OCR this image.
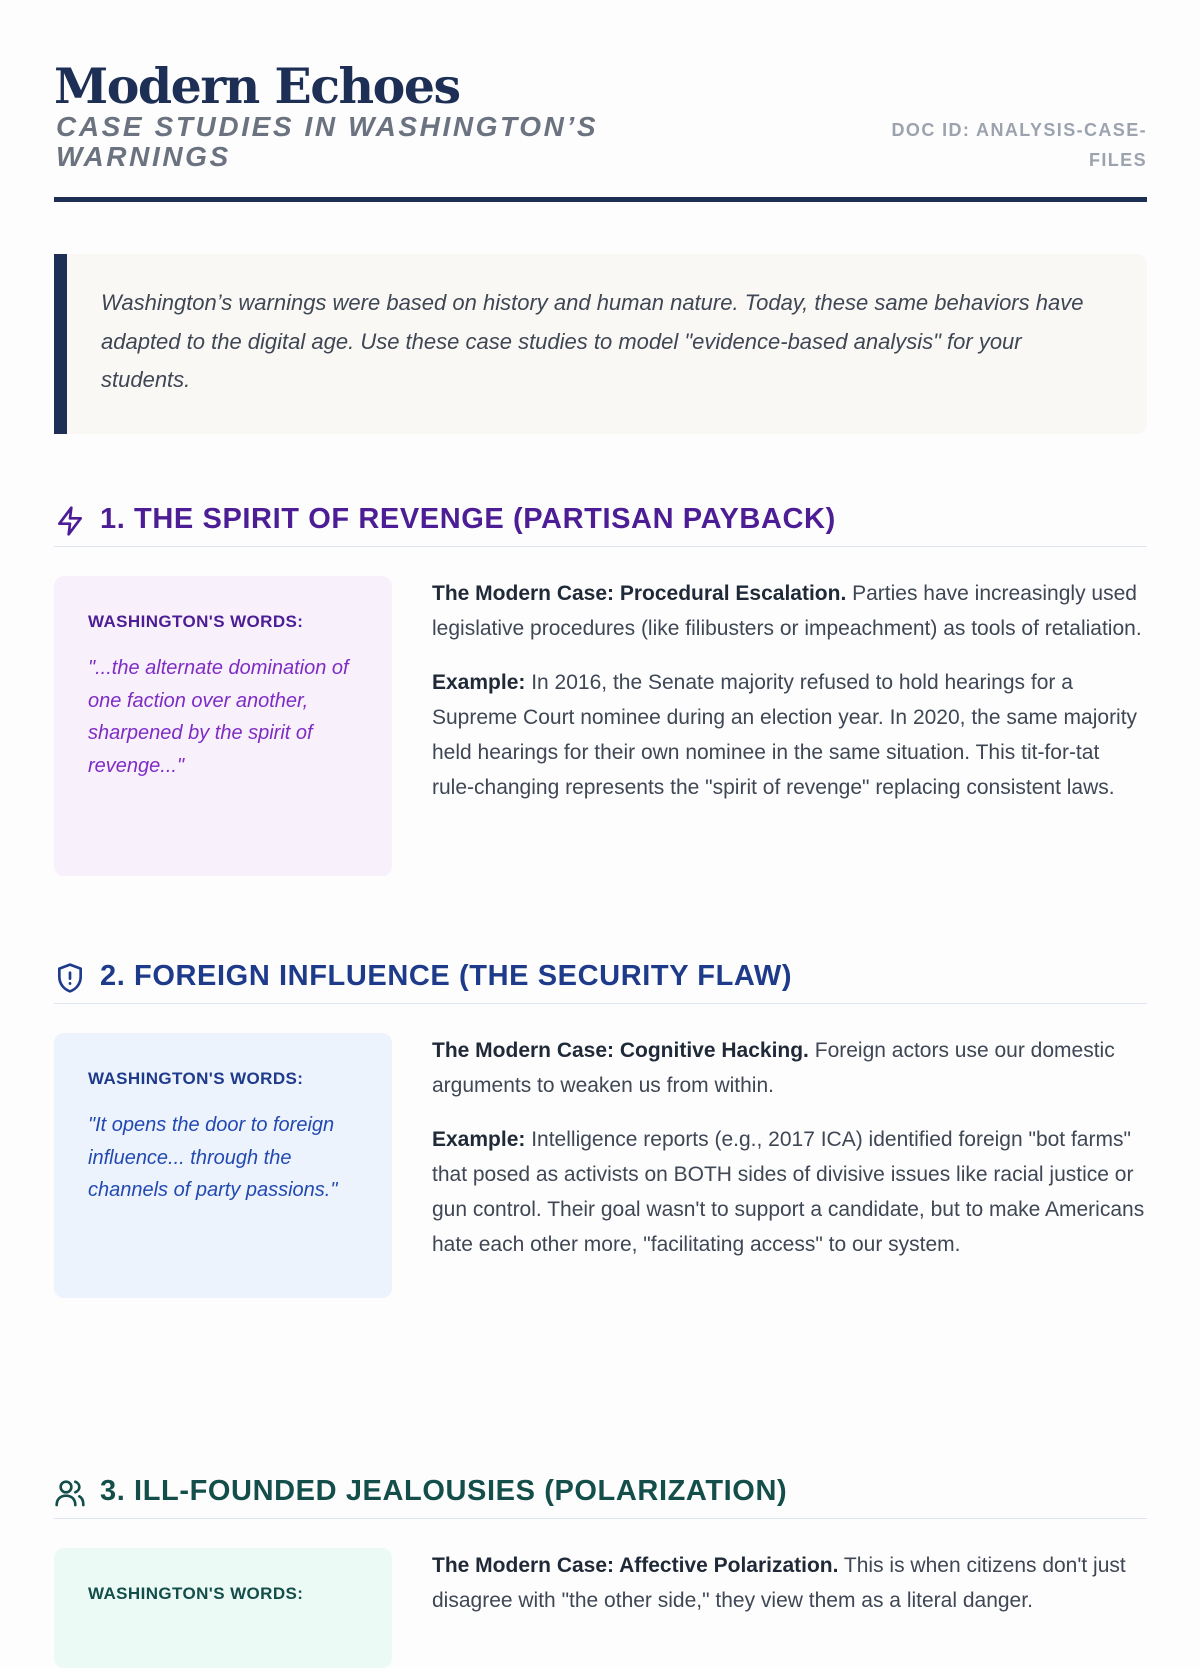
Modern Echoes
CASE STUDIES IN WASHINGTON’S WARNINGS
DOC ID: ANALYSIS-CASE-FILES
Washington’s warnings were based on history and human nature. Today, these same behaviors have adapted to the digital age. Use these case studies to model "evidence-based analysis" for your students.
1. THE SPIRIT OF REVENGE (PARTISAN PAYBACK)
WASHINGTON'S WORDS:
"...the alternate domination of one faction over another, sharpened by the spirit of revenge..."

The Modern Case: Procedural Escalation. Parties have increasingly used legislative procedures (like filibusters or impeachment) as tools of retaliation.

Example: In 2016, the Senate majority refused to hold hearings for a Supreme Court nominee during an election year. In 2020, the same majority held hearings for their own nominee in the same situation. This tit-for-tat rule-changing represents the "spirit of revenge" replacing consistent laws.

2. FOREIGN INFLUENCE (THE SECURITY FLAW)
WASHINGTON'S WORDS:
"It opens the door to foreign influence... through the channels of party passions."

The Modern Case: Cognitive Hacking. Foreign actors use our domestic arguments to weaken us from within.

Example: Intelligence reports (e.g., 2017 ICA) identified foreign "bot farms" that posed as activists on BOTH sides of divisive issues like racial justice or gun control. Their goal wasn't to support a candidate, but to make Americans hate each other more, "facilitating access" to our system.

3. ILL-FOUNDED JEALOUSIES (POLARIZATION)
WASHINGTON'S WORDS:

The Modern Case: Affective Polarization. This is when citizens don't just disagree with "the other side," they view them as a literal danger.
